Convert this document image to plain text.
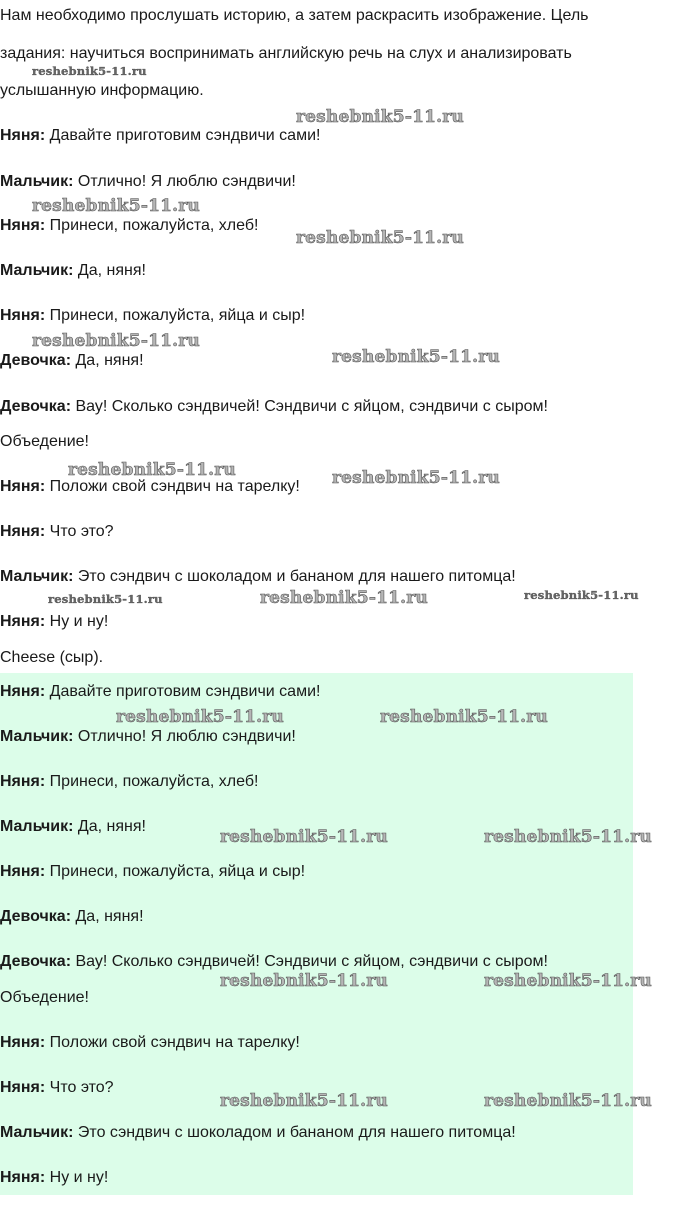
Нам необходимо прослушать историю, а затем раскрасить изображение. Цель
задания: научиться воспринимать английскую речь на слух и анализировать
услышанную информацию.
Няня: Давайте приготовим сэндвичи сами!
Мальчик: Отлично! Я люблю сэндвичи!
Няня: Принеси, пожалуйста, хлеб!
Мальчик: Да, няня!
Няня: Принеси, пожалуйста, яйца и сыр!
Девочка: Да, няня!
Девочка: Вау! Сколько сэндвичей! Сэндвичи с яйцом, сэндвичи с сыром!
Объедение!
Няня: Положи свой сэндвич на тарелку!
Няня: Что это?
Мальчик: Это сэндвич с шоколадом и бананом для нашего питомца!
Няня: Ну и ну!
Cheese (сыр).
Няня: Давайте приготовим сэндвичи сами!
Мальчик: Отлично! Я люблю сэндвичи!
Няня: Принеси, пожалуйста, хлеб!
Мальчик: Да, няня!
Няня: Принеси, пожалуйста, яйца и сыр!
Девочка: Да, няня!
Девочка: Вау! Сколько сэндвичей! Сэндвичи с яйцом, сэндвичи с сыром!
Объедение!
Няня: Положи свой сэндвич на тарелку!
Няня: Что это?
Мальчик: Это сэндвич с шоколадом и бананом для нашего питомца!
Няня: Ну и ну!
reshebnik5-11.ru
reshebnik5-11.ru
reshebnik5-11.ru
reshebnik5-11.ru
reshebnik5-11.ru
reshebnik5-11.ru
reshebnik5-11.ru	reshebnik5-11.ru
reshebnik5-11.ru	reshebnik5-11.ru	reshebnik5-11.ru
reshebnik5-11.ru	reshebnik5-11.ru
reshebnik5-11.ru	reshebnik5-11.ru
reshebnik5-11.ru	reshebnik5-11.ru
reshebnik5-11.ru	reshebnik5-11.ru
